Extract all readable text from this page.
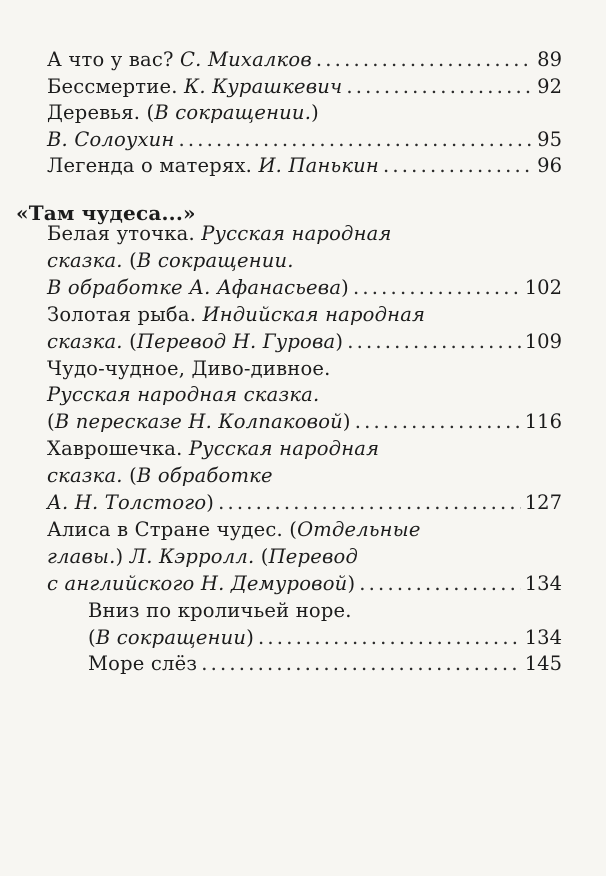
А что у вас? С. Михалков . . .	89
Бессмертие. К. Курашкевич . . .	92
Деревья. (В сокращении.)
В. Солоухин . . .	95
Легенда о матерях. И. Панькин . . .	96
Белая уточка. Русская народная
сказка. (В сокращении.
В обработке А. Афанасьева) . . .	102
Золотая рыба. Индийская народная
сказка. (Перевод Н. Гурова) . . .	109
Чудо-чудное, Диво-дивное.
Русская народная сказка.
(В пересказе Н. Колпаковой) . . .	116
Хаврошечка. Русская народная
сказка. (В обработке
А. Н. Толстого) . . .	127
Алиса в Стране чудес. (Отдельные
главы.) Л. Кэрролл. (Перевод
с английского Н. Демуровой) . . .	134
Вниз по кроличьей норе.
(В сокращении) . . .	134
Море слёз . . .	145
«Там чудеса...»
